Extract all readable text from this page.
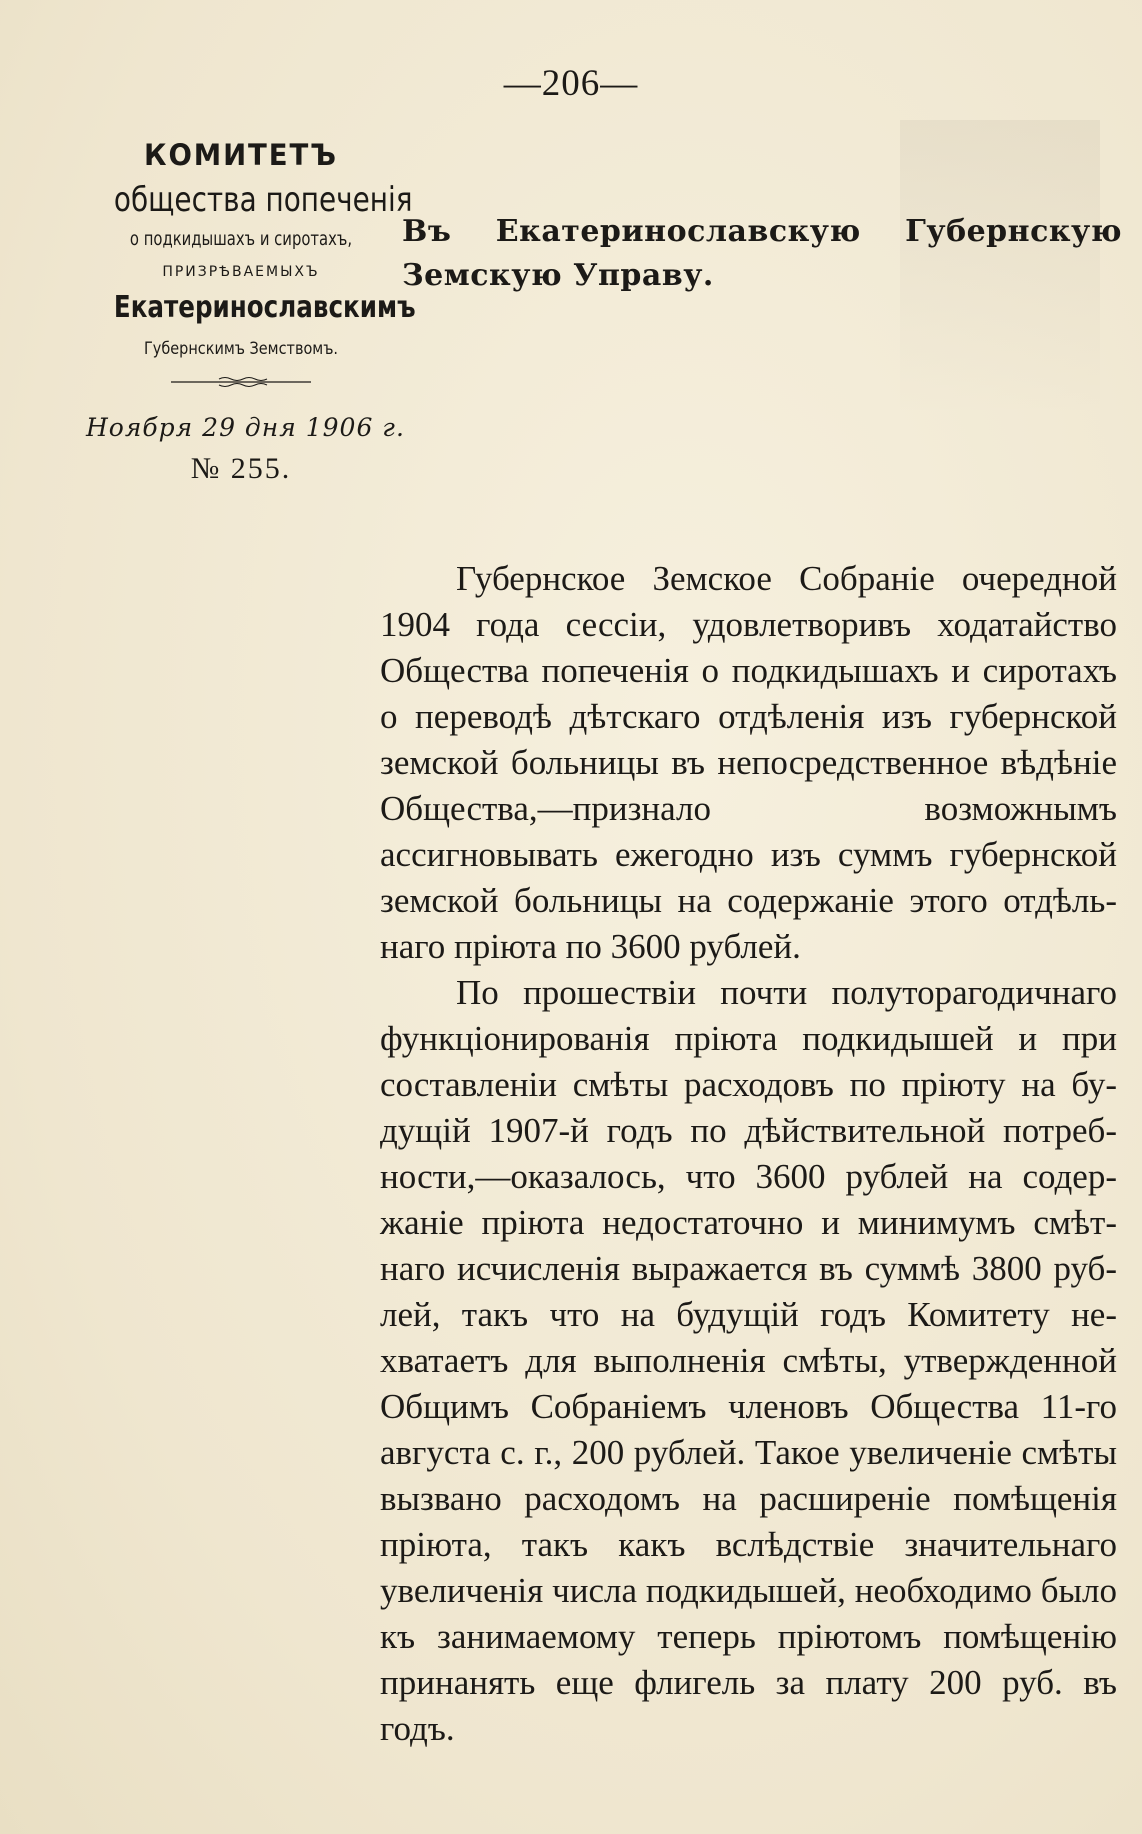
—206—
КОМИТЕТЪ
общества попеченія
о подкидышахъ и сиротахъ,
ПРИЗРѢВАЕМЫХЪ
Екатеринославскимъ
Губернскимъ Земствомъ.
Ноября 29 дня 1906 г.
№ 255.
Въ Екатеринославскую Губернскую Земскую Управу.

Губернское Земское Собраніе очередной 1904 года сессіи, удовлетворивъ ходатайство Общества попеченія о подкидышахъ и сиротахъ о переводѣ дѣтскаго отдѣленія изъ губернской земской больницы въ непосредственное вѣдѣніе Общества,—признало возможнымъ ассигновывать ежегодно изъ суммъ губернской земской больницы на содержаніе этого отдѣльнаго пріюта по 3600 рублей.

По прошествіи почти полуторагодичнаго функціонированія пріюта подкидышей и при составленіи смѣты расходовъ по пріюту на будущій 1907-й годъ по дѣйствительной потребности,—оказалось, что 3600 рублей на содержаніе пріюта недостаточно и минимумъ смѣтнаго исчисленія выражается въ суммѣ 3800 рублей, такъ что на будущій годъ Комитету нехватаетъ для выполненія смѣты, утвержденной Общимъ Собраніемъ членовъ Общества 11-го августа с. г., 200 рублей. Такое увеличеніе смѣты вызвано расходомъ на расширеніе помѣщенія пріюта, такъ какъ вслѣдствіе значительнаго увеличенія числа подкидышей, необходимо было къ занимаемому теперь пріютомъ помѣщенію принанять еще флигель за плату 200 руб. въ годъ.
